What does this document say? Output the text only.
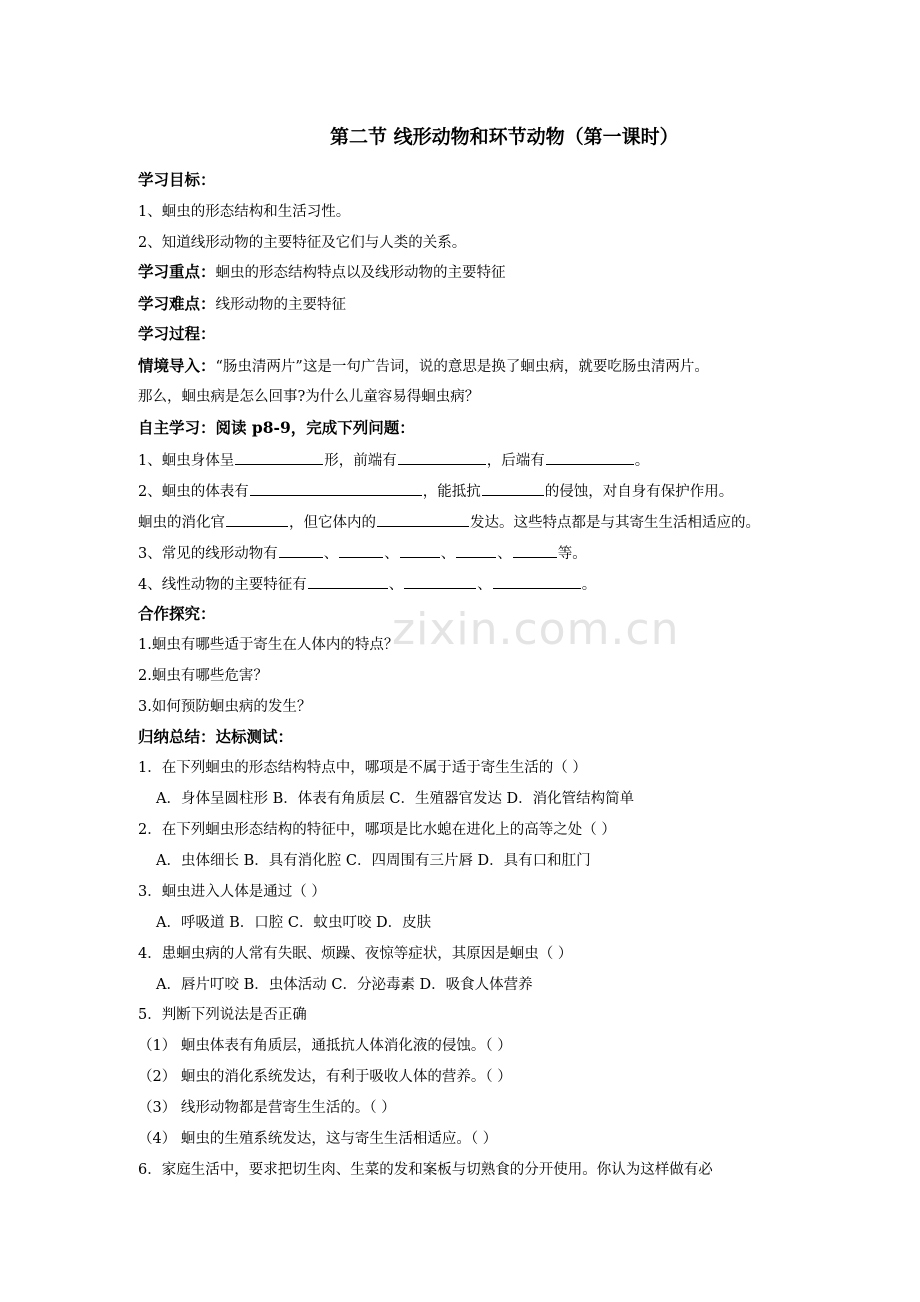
第二节 线形动物和环节动物（第一课时）
学习目标：
1、蛔虫的形态结构和生活习性。
2、知道线形动物的主要特征及它们与人类的关系。
学习重点：蛔虫的形态结构特点以及线形动物的主要特征
学习难点：线形动物的主要特征
学习过程：
情境导入：“肠虫清两片”这是一句广告词，说的意思是换了蛔虫病，就要吃肠虫清两片。
那么，蛔虫病是怎么回事?为什么儿童容易得蛔虫病？
自主学习：阅读 p8-9，完成下列问题：
1、蛔虫身体呈	形，前端有	，后端有	。
2、蛔虫的体表有	，能抵抗	的侵蚀，对自身有保护作用。
蛔虫的消化官	，但它体内的	发达。这些特点都是与其寄生生活相适应的。
3、常见的线形动物有	、	、	、	、	等。
4、线性动物的主要特征有	、	、	。
合作探究：
1.蛔虫有哪些适于寄生在人体内的特点？
2.蛔虫有哪些危害？
3.如何预防蛔虫病的发生？
归纳总结：达标测试：
1．在下列蛔虫的形态结构特点中，哪项是不属于适于寄生生活的（ ）
A．身体呈圆柱形 B．体表有角质层 C．生殖器官发达 D．消化管结构简单
2．在下列蛔虫形态结构的特征中，哪项是比水螅在进化上的高等之处（ ）
A．虫体细长 B．具有消化腔 C．四周围有三片唇 D．具有口和肛门
3．蛔虫进入人体是通过（ ）
A．呼吸道 B．口腔 C．蚊虫叮咬 D．皮肤
4．患蛔虫病的人常有失眠、烦躁、夜惊等症状，其原因是蛔虫（ ）
A．唇片叮咬 B．虫体活动 C．分泌毒素 D．吸食人体营养
5．判断下列说法是否正确
（1） 蛔虫体表有角质层，通抵抗人体消化液的侵蚀。（ ）
（2） 蛔虫的消化系统发达，有利于吸收人体的营养。（ ）
（3） 线形动物都是营寄生生活的。（ ）
（4） 蛔虫的生殖系统发达，这与寄生生活相适应。（ ）
6．家庭生活中，要求把切生肉、生菜的发和案板与切熟食的分开使用。你认为这样做有必
zixin.com.cn
